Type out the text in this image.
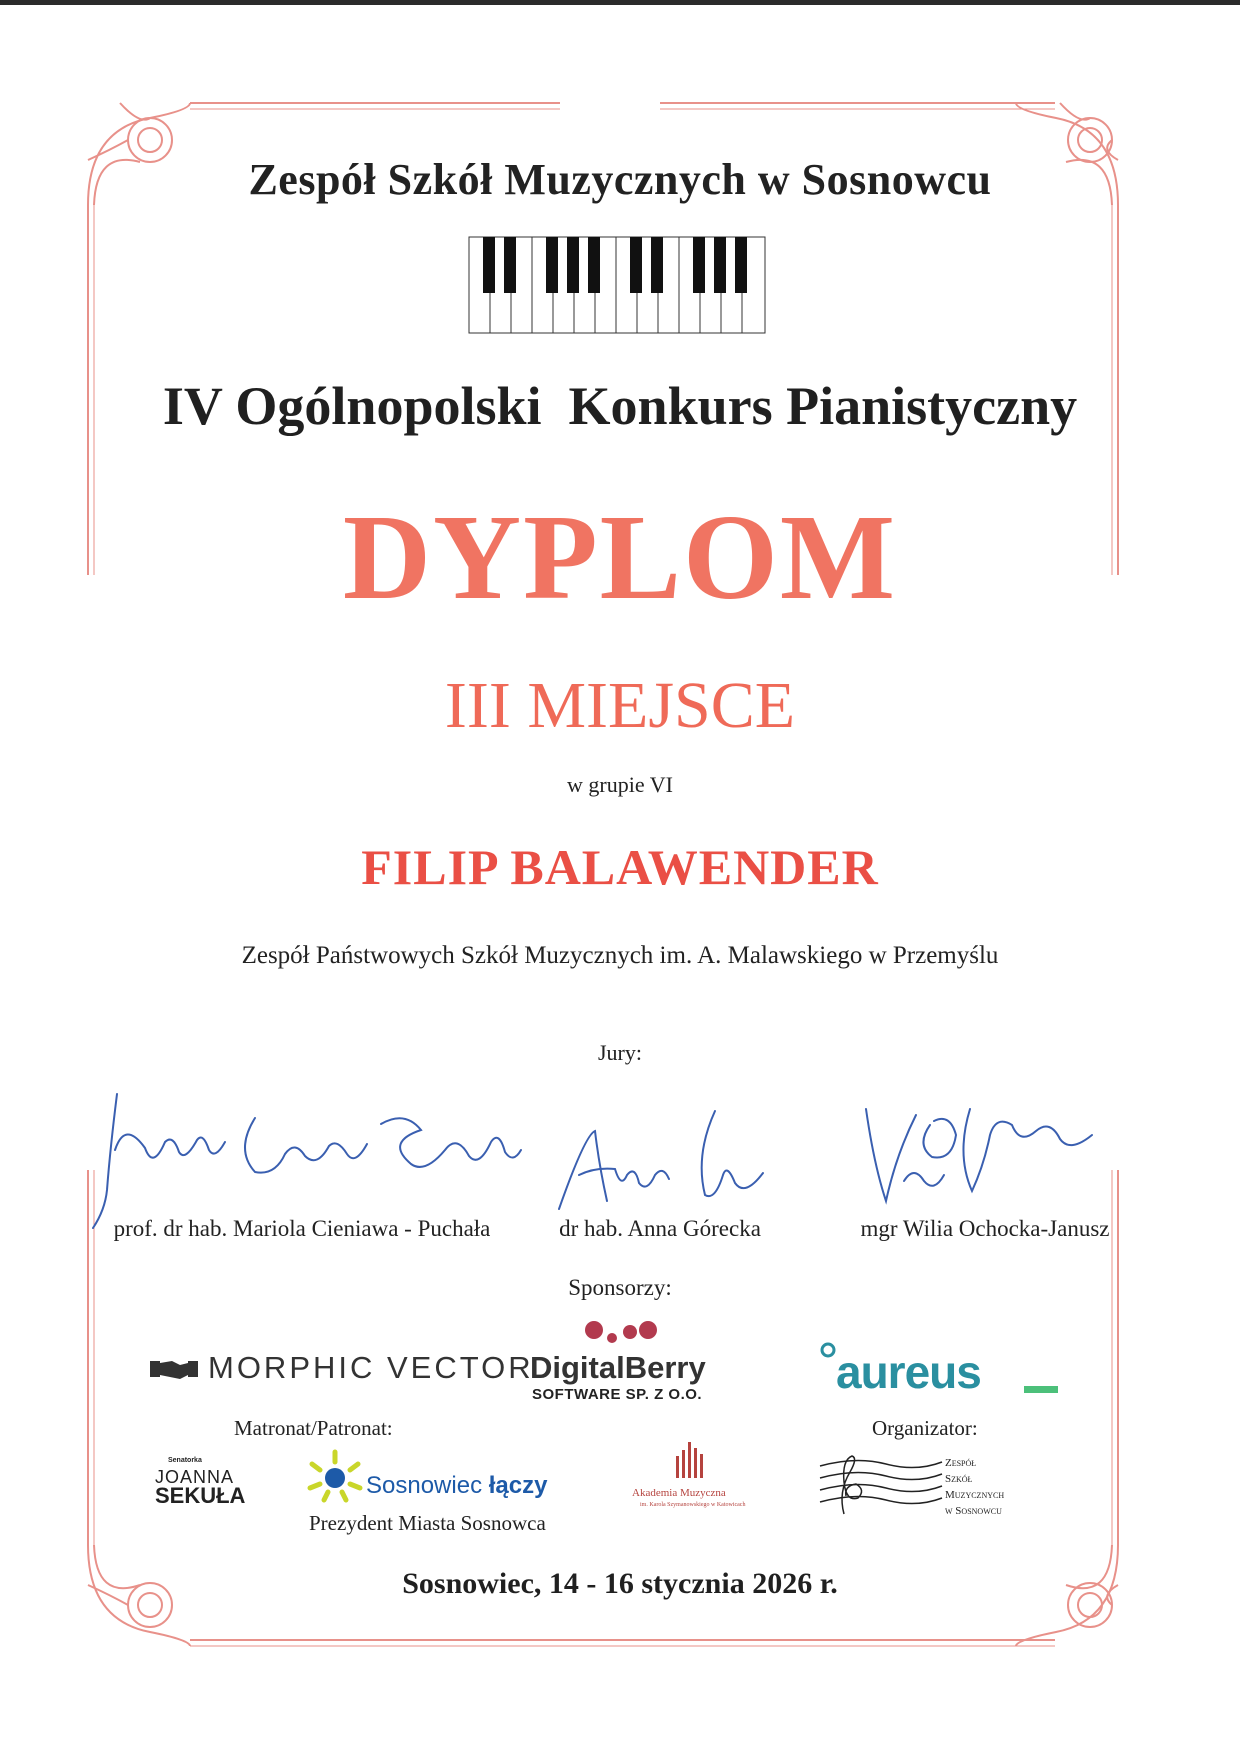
Zespół Szkół Muzycznych w Sosnowcu
IV Ogólnopolski  Konkurs Pianistyczny
DYPLOM
III MIEJSCE
w grupie VI
FILIP BALAWENDER
Zespół Państwowych Szkół Muzycznych im. A. Malawskiego w Przemyślu
Jury:
prof. dr hab. Mariola Cieniawa - Puchała	dr hab. Anna Górecka	mgr Wilia Ochocka-Janusz
Sponsorzy:
MORPHIC VECTOR
DigitalBerry
SOFTWARE SP. Z O.O.	aureus
Matronat/Patronat:	Organizator:
Senatorka
JOANNA
SEKUŁA	Sosnowiec łączy
Prezydent Miasta Sosnowca
Akademia Muzyczna
im. Karola Szymanowskiego w Katowicach
Zespół
Szkół
Muzycznych
w Sosnowcu
Sosnowiec, 14 - 16 stycznia 2026 r.
